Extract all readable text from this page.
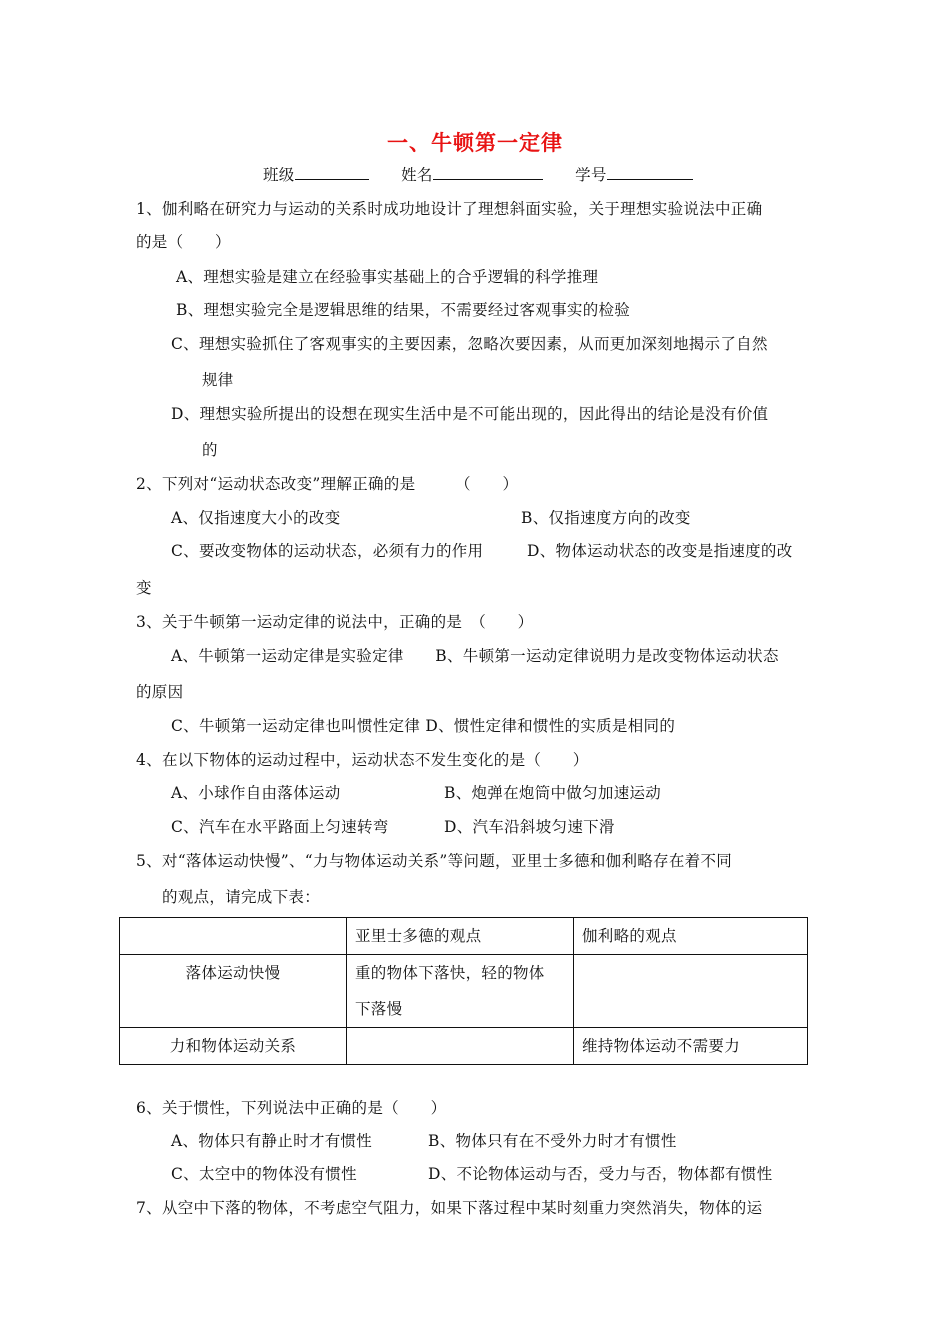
一、牛顿第一定律
班级	姓名	学号
1、伽利略在研究力与运动的关系时成功地设计了理想斜面实验，关于理想实验说法中正确
的是（　　）
A、理想实验是建立在经验事实基础上的合乎逻辑的科学推理
B、理想实验完全是逻辑思维的结果，不需要经过客观事实的检验
C、理想实验抓住了客观事实的主要因素，忽略次要因素，从而更加深刻地揭示了自然
规律
D、理想实验所提出的设想在现实生活中是不可能出现的，因此得出的结论是没有价值
的
2、下列对“运动状态改变”理解正确的是　　　（　　）
A、仅指速度大小的改变	B、仅指速度方向的改变
C、要改变物体的运动状态，必须有力的作用	D、物体运动状态的改变是指速度的改
变
3、关于牛顿第一运动定律的说法中，正确的是　（　　）
A、牛顿第一运动定律是实验定律　　B、牛顿第一运动定律说明力是改变物体运动状态
的原因
C、牛顿第一运动定律也叫惯性定律 D、惯性定律和惯性的实质是相同的
4、在以下物体的运动过程中，运动状态不发生变化的是（　　）
A、小球作自由落体运动	B、炮弹在炮筒中做匀加速运动
C、汽车在水平路面上匀速转弯	D、汽车沿斜坡匀速下滑
5、对“落体运动快慢”、“力与物体运动关系”等问题，亚里士多德和伽利略存在着不同
的观点，请完成下表：
	亚里士多德的观点	伽利略的观点
落体运动快慢	重的物体下落快，轻的物体
下落慢	

力和物体运动关系		维持物体运动不需要力
6、关于惯性，下列说法中正确的是（　　）
A、物体只有静止时才有惯性	B、物体只有在不受外力时才有惯性
C、太空中的物体没有惯性	D、不论物体运动与否，受力与否，物体都有惯性
7、从空中下落的物体，不考虑空气阻力，如果下落过程中某时刻重力突然消失，物体的运
